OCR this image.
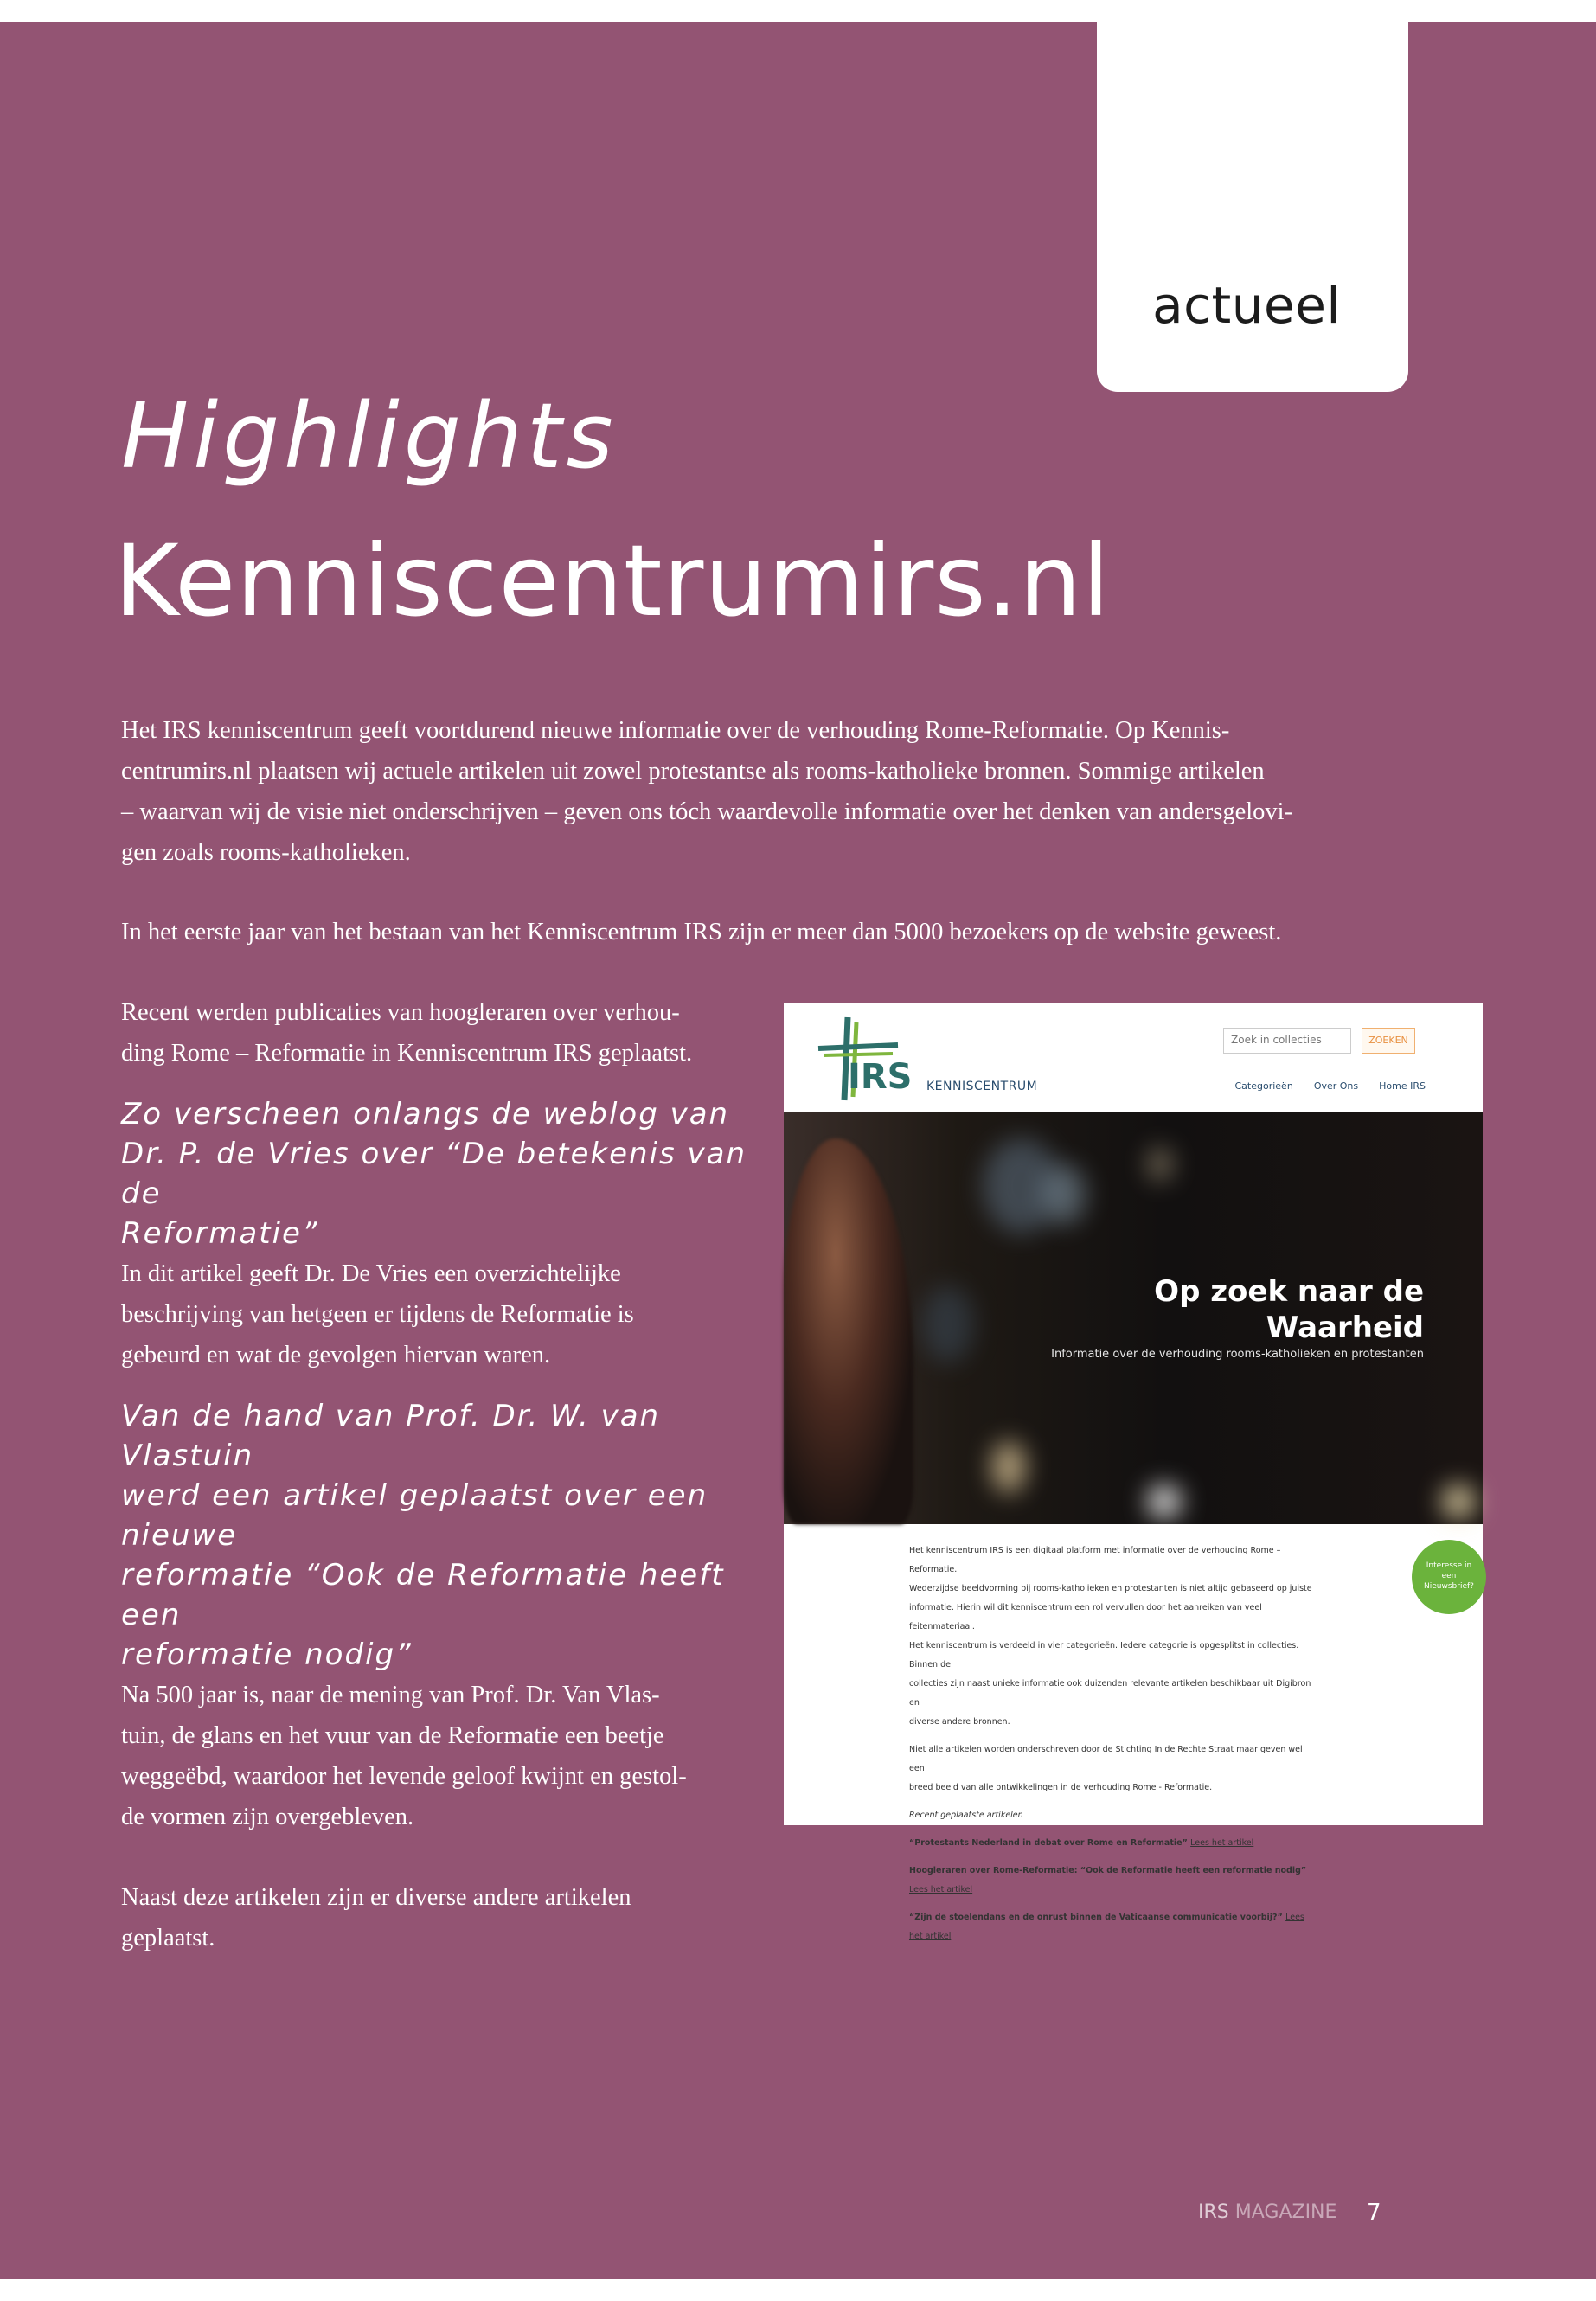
actueel
Highlights
Kenniscentrumirs.nl

Het IRS kenniscentrum geeft voortdurend nieuwe informatie over de verhouding Rome-Reformatie. Op Kennis-
centrumirs.nl plaatsen wij actuele artikelen uit zowel protestantse als rooms-katholieke bronnen. Sommige artikelen
– waarvan wij de visie niet onderschrijven – geven ons tóch waardevolle informatie over het denken van andersgelovi-
gen zoals rooms-katholieken.

In het eerste jaar van het bestaan van het Kenniscentrum IRS zijn er meer dan 5000 bezoekers op de website geweest.

Recent werden publicaties van hoogleraren over verhou-
ding Rome – Reformatie in Kenniscentrum IRS geplaatst.

Zo verscheen onlangs de weblog van
Dr. P. de Vries over “De betekenis van de
Reformatie”

In dit artikel geeft Dr. De Vries een overzichtelijke
beschrijving van hetgeen er tijdens de Reformatie is
gebeurd en wat de gevolgen hiervan waren.

Van de hand van Prof. Dr. W. van Vlastuin
werd een artikel geplaatst over een nieuwe
reformatie “Ook de Reformatie heeft een
reformatie nodig”

Na 500 jaar is, naar de mening van Prof. Dr. Van Vlas-
tuin, de glans en het vuur van de Reformatie een beetje
weggeëbd, waardoor het levende geloof kwijnt en gestol-
de vormen zijn overgebleven.

Naast deze artikelen zijn er diverse andere artikelen
geplaatst.

IRS KENNISCENTRUM
Zoek in collecties	ZOEKEN
Categorieën Over Ons Home IRS
Op zoek naar de
Waarheid
Informatie over de verhouding rooms-katholieken en protestanten
Interesse in
een
Nieuwsbrief?

Het kenniscentrum IRS is een digitaal platform met informatie over de verhouding Rome – Reformatie.

Wederzijdse beeldvorming bij rooms-katholieken en protestanten is niet altijd gebaseerd op juiste

informatie. Hierin wil dit kenniscentrum een rol vervullen door het aanreiken van veel feitenmateriaal.

Het kenniscentrum is verdeeld in vier categorieën. Iedere categorie is opgesplitst in collecties. Binnen de

collecties zijn naast unieke informatie ook duizenden relevante artikelen beschikbaar uit Digibron en

diverse andere bronnen.

Niet alle artikelen worden onderschreven door de Stichting In de Rechte Straat maar geven wel een

breed beeld van alle ontwikkelingen in de verhouding Rome - Reformatie.

Recent geplaatste artikelen

“Protestants Nederland in debat over Rome en Reformatie” Lees het artikel

Hoogleraren over Rome-Reformatie: “Ook de Reformatie heeft een reformatie nodig” Lees het artikel

“Zijn de stoelendans en de onrust binnen de Vaticaanse communicatie voorbij?” Lees het artikel

IRS MAGAZINE 7
